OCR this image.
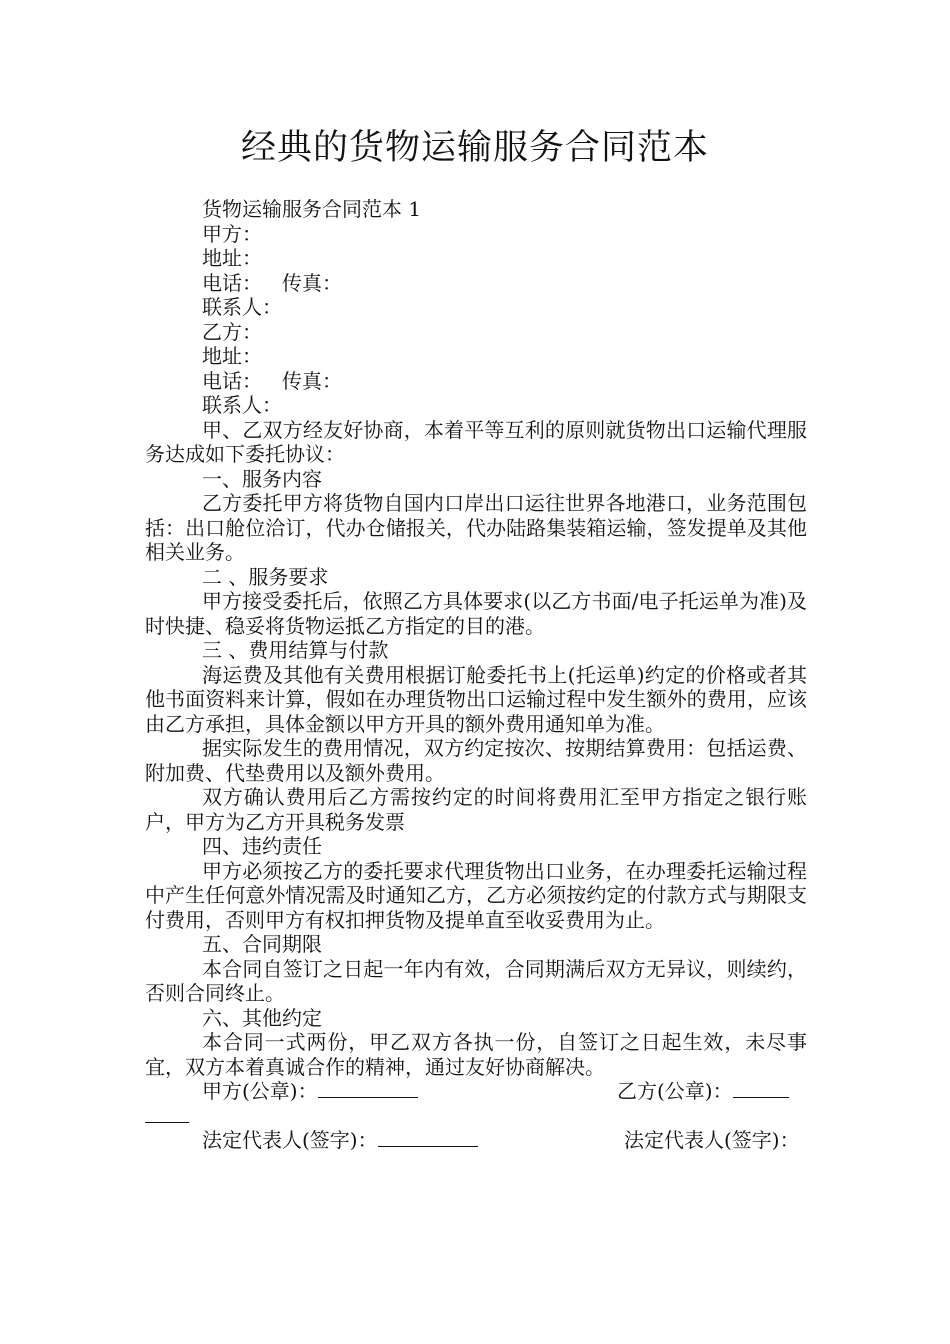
经典的货物运输服务合同范本
货物运输服务合同范本 1
甲方：
地址：
电话： 传真：
联系人：
乙方：
地址：
电话： 传真：
联系人：
甲、乙双方经友好协商，本着平等互利的原则就货物出口运输代理服务达成如下委托协议：
一、服务内容
乙方委托甲方将货物自国内口岸出口运往世界各地港口，业务范围包括：出口舱位洽订，代办仓储报关，代办陆路集装箱运输，签发提单及其他相关业务。
二 、服务要求
甲方接受委托后，依照乙方具体要求(以乙方书面/电子托运单为准)及时快捷、稳妥将货物运抵乙方指定的目的港。
三 、费用结算与付款
海运费及其他有关费用根据订舱委托书上(托运单)约定的价格或者其他书面资料来计算，假如在办理货物出口运输过程中发生额外的费用，应该由乙方承担，具体金额以甲方开具的额外费用通知单为准。
据实际发生的费用情况，双方约定按次、按期结算费用：包括运费、附加费、代垫费用以及额外费用。
双方确认费用后乙方需按约定的时间将费用汇至甲方指定之银行账户，甲方为乙方开具税务发票
四、违约责任
甲方必须按乙方的委托要求代理货物出口业务，在办理委托运输过程中产生任何意外情况需及时通知乙方，乙方必须按约定的付款方式与期限支付费用，否则甲方有权扣押货物及提单直至收妥费用为止。
五、合同期限
本合同自签订之日起一年内有效，合同期满后双方无异议，则续约，否则合同终止。
六、其他约定
本合同一式两份，甲乙双方各执一份，自签订之日起生效，未尽事宜，双方本着真诚合作的精神，通过友好协商解决。
甲方(公章)：	乙方(公章)：
法定代表人(签字)：	法定代表人(签字)：
